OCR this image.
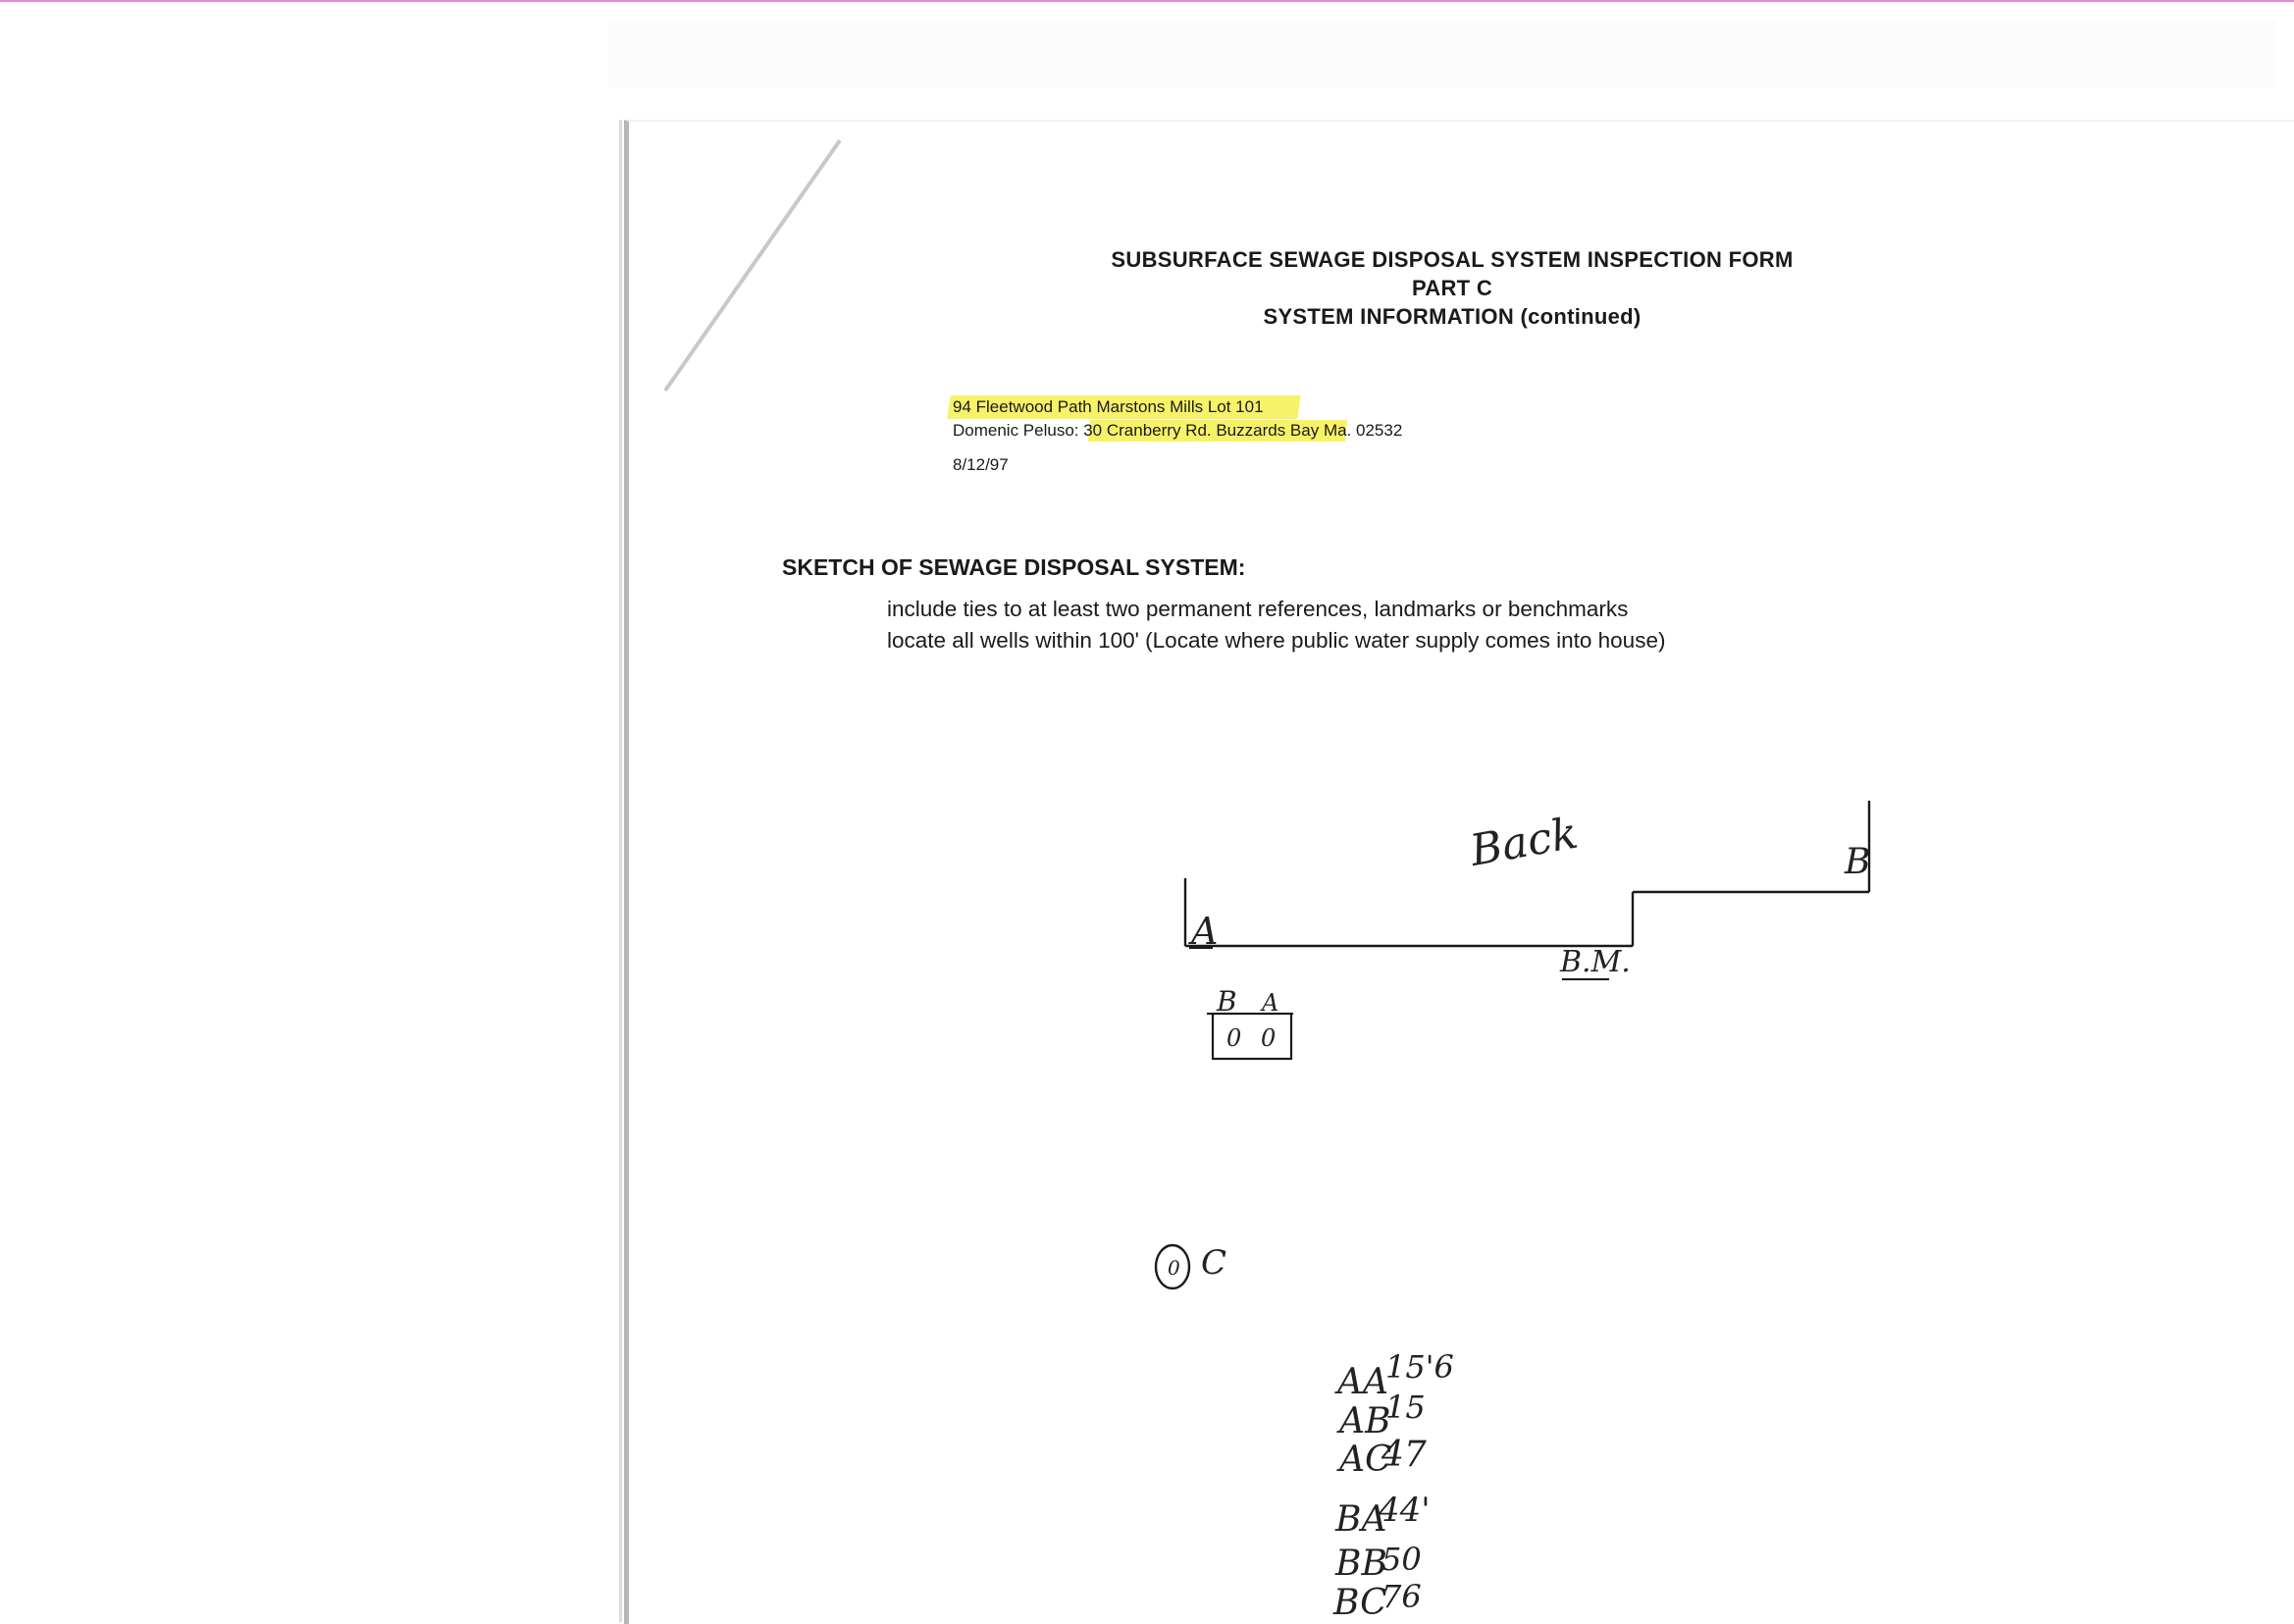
SUBSURFACE SEWAGE DISPOSAL SYSTEM INSPECTION FORM
PART C
SYSTEM INFORMATION (continued)
94 Fleetwood Path Marstons Mills Lot 101
Domenic Peluso: 30 Cranberry Rd. Buzzards Bay Ma. 02532
8/12/97
SKETCH OF SEWAGE DISPOSAL SYSTEM:
include ties to at least two permanent references, landmarks or benchmarks
locate all wells within 100' (Locate where public water supply comes into house)
Back
A
B
B.M.
B A
0 0
0 C
AA
15'6
AB
15
AC
47
BA
44'
BB
50
BC
76
